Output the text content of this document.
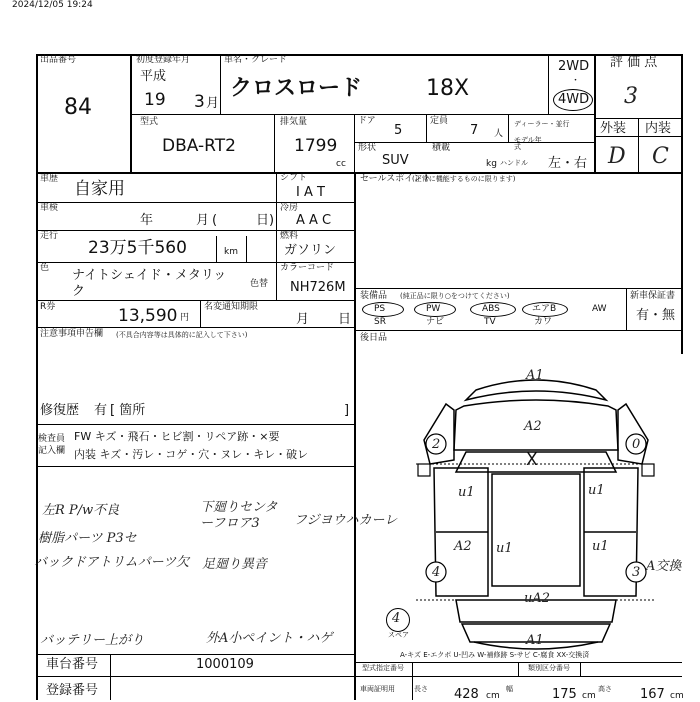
2024/12/05 19:24
出品番号
84
初度登録年月
平成
19 3 月
車名・グレード
クロスロード	18X
2WD
・
4WD
評 価 点
3
外装 内装
D C
型式
DBA-RT2
排気量
1799
cc
ドア
5
定員
7 人
ディーラー・並行
モデル年式
形状
SUV
積載
kg ハンドル 左・右
車歴 自家用
シフト
I A T
車検
年	月 (	日)
冷房
A A C
走行
23万5千560	km
燃料
ガソリン
色 ナイトシェイド・メタリック	色替
カラーコード
NH726M
R券	13,590 円
名変通知期限
月 日
注意事項申告欄 (不具合内容等は具体的に記入して下さい)
修復歴 有 [ 箇所	]
検査員記入欄
FW キズ・飛石・ヒビ割・リペア跡・×要
内装 キズ・汚レ・コゲ・穴・ヌレ・キレ・破レ
左R P/w不良
樹脂パーツ P3セ
バックドアトリムパーツ欠
下廻りセンターフロア3	フジヨウハカーレ
足廻り異音
バッテリー上がり	外A小ペイント・ハゲ
セールスポイント
(正常に機能するものに限ります)
装備品 (純正品に限り○をつけてください)
PS
SR
PW
ナビ
ABS
TV
エアB
カワ
AW
新車保証書
有・無
後日品
A1
A2
X
u1	u1
A2 u1	u1
uA2
A1
2	0
4	3 A交換
4
スペア
A-キズ E-エクボ U-凹み W-補修跡 S-サビ C-腐食 XX-交換済
車台番号	1000109
登録番号
型式指定番号	類別区分番号
車両証明用	長さ 428 cm
幅	175 cm
高さ 167 cm
